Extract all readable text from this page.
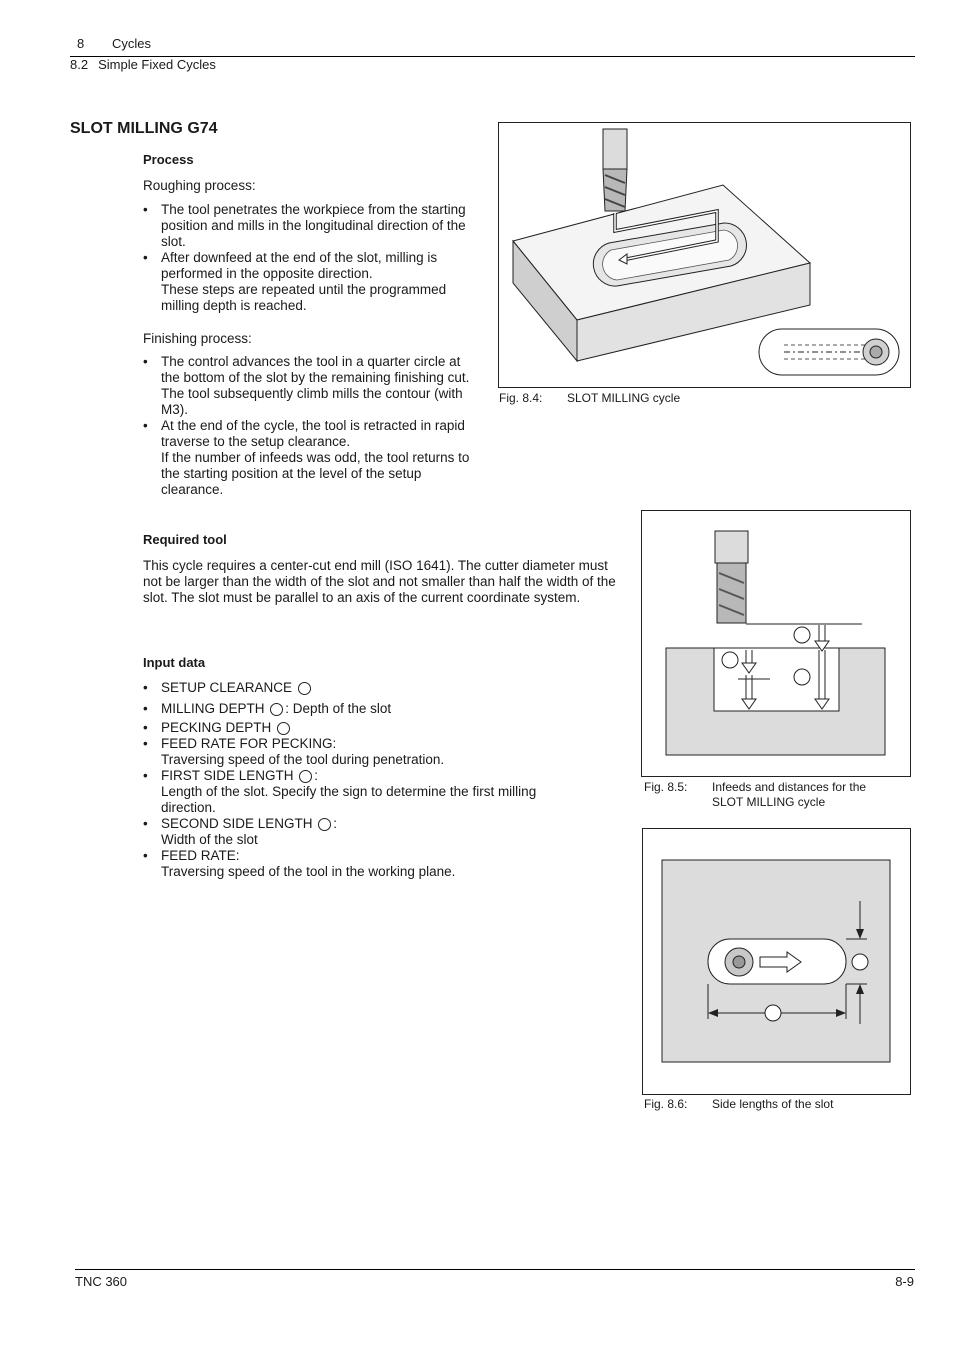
8 Cycles
8.2 Simple Fixed Cycles
SLOT MILLING G74
Process
Roughing process:
• The tool penetrates the workpiece from the starting position and mills in the longitudinal direction of the slot.
• After downfeed at the end of the slot, milling is performed in the opposite direction.
These steps are repeated until the programmed milling depth is reached.
Finishing process:
• The control advances the tool in a quarter circle at the bottom of the slot by the remaining finishing cut. The tool subsequently climb mills the contour (with M3).
• At the end of the cycle, the tool is retracted in rapid traverse to the setup clearance.
If the number of infeeds was odd, the tool returns to the starting position at the level of the setup clearance.
Required tool
This cycle requires a center-cut end mill (ISO 1641). The cutter diameter must not be larger than the width of the slot and not smaller than half the width of the slot. The slot must be parallel to an axis of the current coordinate system.
Input data
• SETUP CLEARANCE
• MILLING DEPTH : Depth of the slot
• PECKING DEPTH
• FEED RATE FOR PECKING:
Traversing speed of the tool during penetration.
• FIRST SIDE LENGTH :
Length of the slot. Specify the sign to determine the first milling direction.
• SECOND SIDE LENGTH :
Width of the slot
• FEED RATE:
Traversing speed of the tool in the working plane.
Fig. 8.4: SLOT MILLING cycle
Fig. 8.5: Infeeds and distances for the
SLOT MILLING cycle
Fig. 8.6: Side lengths of the slot
TNC 360	8-9
